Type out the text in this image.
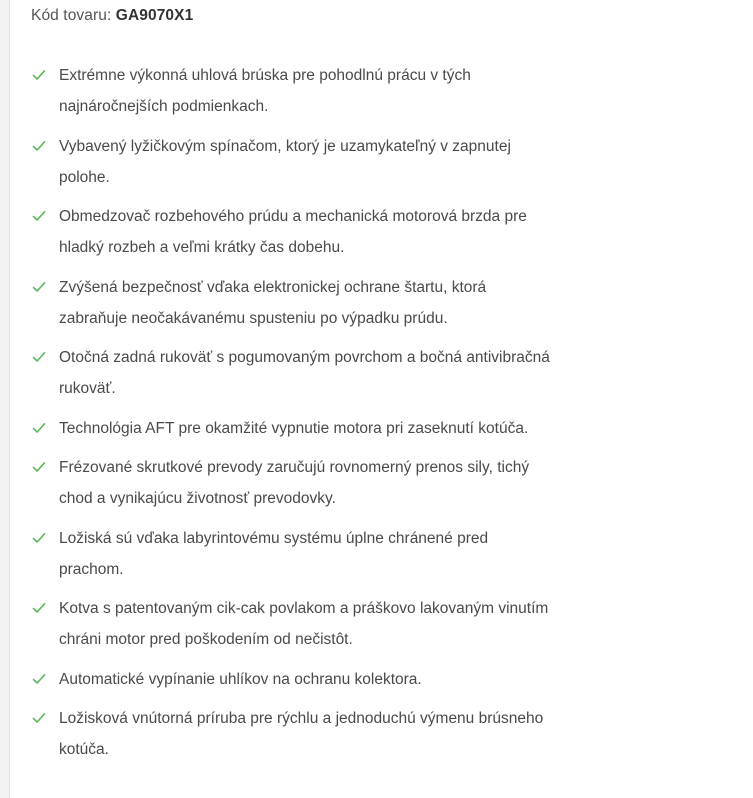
Kód tovaru: GA9070X1
Extrémne výkonná uhlová brúska pre pohodlnú prácu v tých najnáročnejších podmienkach.
Vybavený lyžičkovým spínačom, ktorý je uzamykateľný v zapnutej polohe.
Obmedzovač rozbehového prúdu a mechanická motorová brzda pre hladký rozbeh a veľmi krátky čas dobehu.
Zvýšená bezpečnosť vďaka elektronickej ochrane štartu, ktorá zabraňuje neočakávanému spusteniu po výpadku prúdu.
Otočná zadná rukoväť s pogumovaným povrchom a bočná antivibračná rukoväť.
Technológia AFT pre okamžité vypnutie motora pri zaseknutí kotúča.
Frézované skrutkové prevody zaručujú rovnomerný prenos sily, tichý chod a vynikajúcu životnosť prevodovky.
Ložiská sú vďaka labyrintovému systému úplne chránené pred prachom.
Kotva s patentovaným cik-cak povlakom a práškovo lakovaným vinutím chráni motor pred poškodením od nečistôt.
Automatické vypínanie uhlíkov na ochranu kolektora.
Ložisková vnútorná príruba pre rýchlu a jednoduchú výmenu brúsneho kotúča.
